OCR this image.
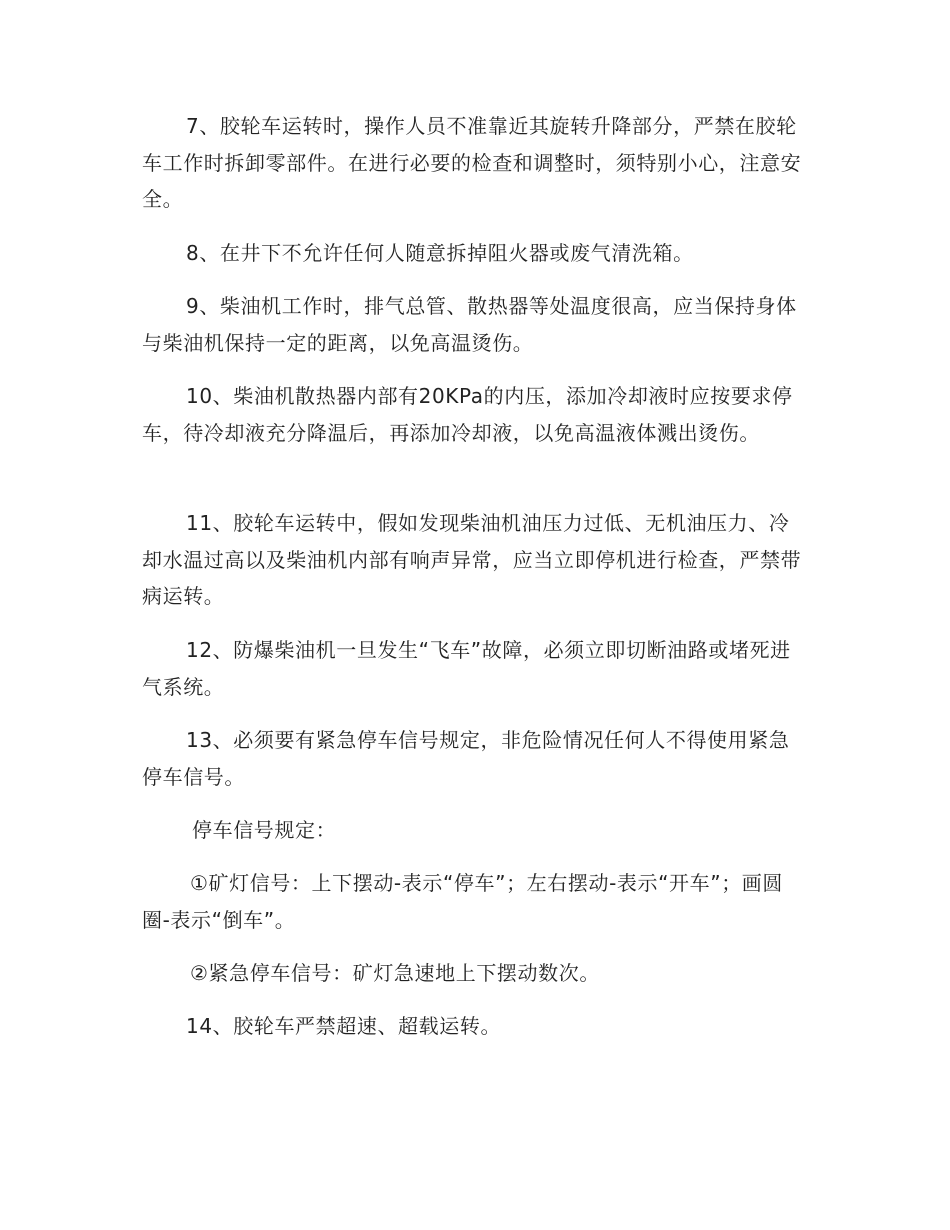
7、胶轮车运转时，操作人员不准靠近其旋转升降部分，严禁在胶轮车工作时拆卸零部件。在进行必要的检查和调整时，须特别小心，注意安全。

8、在井下不允许任何人随意拆掉阻火器或废气清洗箱。

9、柴油机工作时，排气总管、散热器等处温度很高，应当保持身体与柴油机保持一定的距离，以免高温烫伤。

10、柴油机散热器内部有20KPa的内压，添加冷却液时应按要求停车，待冷却液充分降温后，再添加冷却液，以免高温液体溅出烫伤。

11、胶轮车运转中，假如发现柴油机油压力过低、无机油压力、冷却水温过高以及柴油机内部有响声异常，应当立即停机进行检查，严禁带病运转。

12、防爆柴油机一旦发生“飞车”故障，必须立即切断油路或堵死进气系统。

13、必须要有紧急停车信号规定，非危险情况任何人不得使用紧急停车信号。

停车信号规定：

①矿灯信号：上下摆动-表示“停车”；左右摆动-表示“开车”；画圆圈-表示“倒车”。

②紧急停车信号：矿灯急速地上下摆动数次。

14、胶轮车严禁超速、超载运转。
